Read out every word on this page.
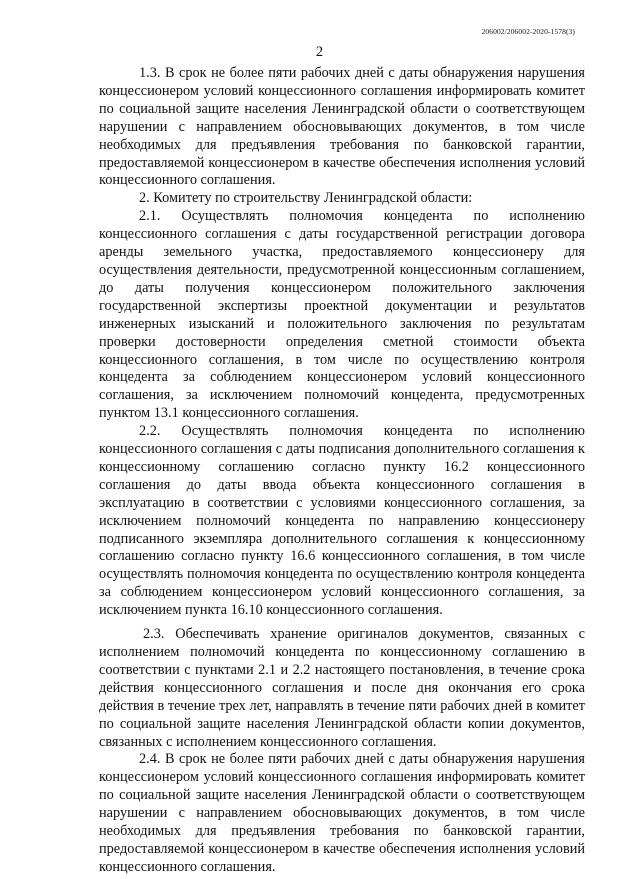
206002/206002-2020-1578(3)
2

1.3. В срок не более пяти рабочих дней с даты обнаружения нарушения концессионером условий концессионного соглашения информировать комитет по социальной защите населения Ленинградской области о соответствующем нарушении с направлением обосновывающих документов, в том числе необходимых для предъявления требования по банковской гарантии, предоставляемой концессионером в качестве обеспечения исполнения условий концессионного соглашения.

2. Комитету по строительству Ленинградской области:

2.1. Осуществлять полномочия концедента по исполнению концессионного соглашения с даты государственной регистрации договора аренды земельного участка, предоставляемого концессионеру для осуществления деятельности, предусмотренной концессионным соглашением, до даты получения концессионером положительного заключения государственной экспертизы проектной документации и результатов инженерных изысканий и положительного заключения по результатам проверки достоверности определения сметной стоимости объекта концессионного соглашения, в том числе по осуществлению контроля концедента за соблюдением концессионером условий концессионного соглашения, за исключением полномочий концедента, предусмотренных пунктом 13.1 концессионного соглашения.

2.2. Осуществлять полномочия концедента по исполнению концессионного соглашения с даты подписания дополнительного соглашения к концессионному соглашению согласно пункту 16.2 концессионного соглашения до даты ввода объекта концессионного соглашения в эксплуатацию в соответствии с условиями концессионного соглашения, за исключением полномочий концедента по направлению концессионеру подписанного экземпляра дополнительного соглашения к концессионному соглашению согласно пункту 16.6 концессионного соглашения, в том числе осуществлять полномочия концедента по осуществлению контроля концедента за соблюдением концессионером условий концессионного соглашения, за исключением пункта 16.10 концессионного соглашения.

2.3. Обеспечивать хранение оригиналов документов, связанных с исполнением полномочий концедента по концессионному соглашению в соответствии с пунктами 2.1 и 2.2 настоящего постановления, в течение срока действия концессионного соглашения и после дня окончания его срока действия в течение трех лет, направлять в течение пяти рабочих дней в комитет по социальной защите населения Ленинградской области копии документов, связанных с исполнением концессионного соглашения.

2.4. В срок не более пяти рабочих дней с даты обнаружения нарушения концессионером условий концессионного соглашения информировать комитет по социальной защите населения Ленинградской области о соответствующем нарушении с направлением обосновывающих документов, в том числе необходимых для предъявления требования по банковской гарантии, предоставляемой концессионером в качестве обеспечения исполнения условий концессионного соглашения.
